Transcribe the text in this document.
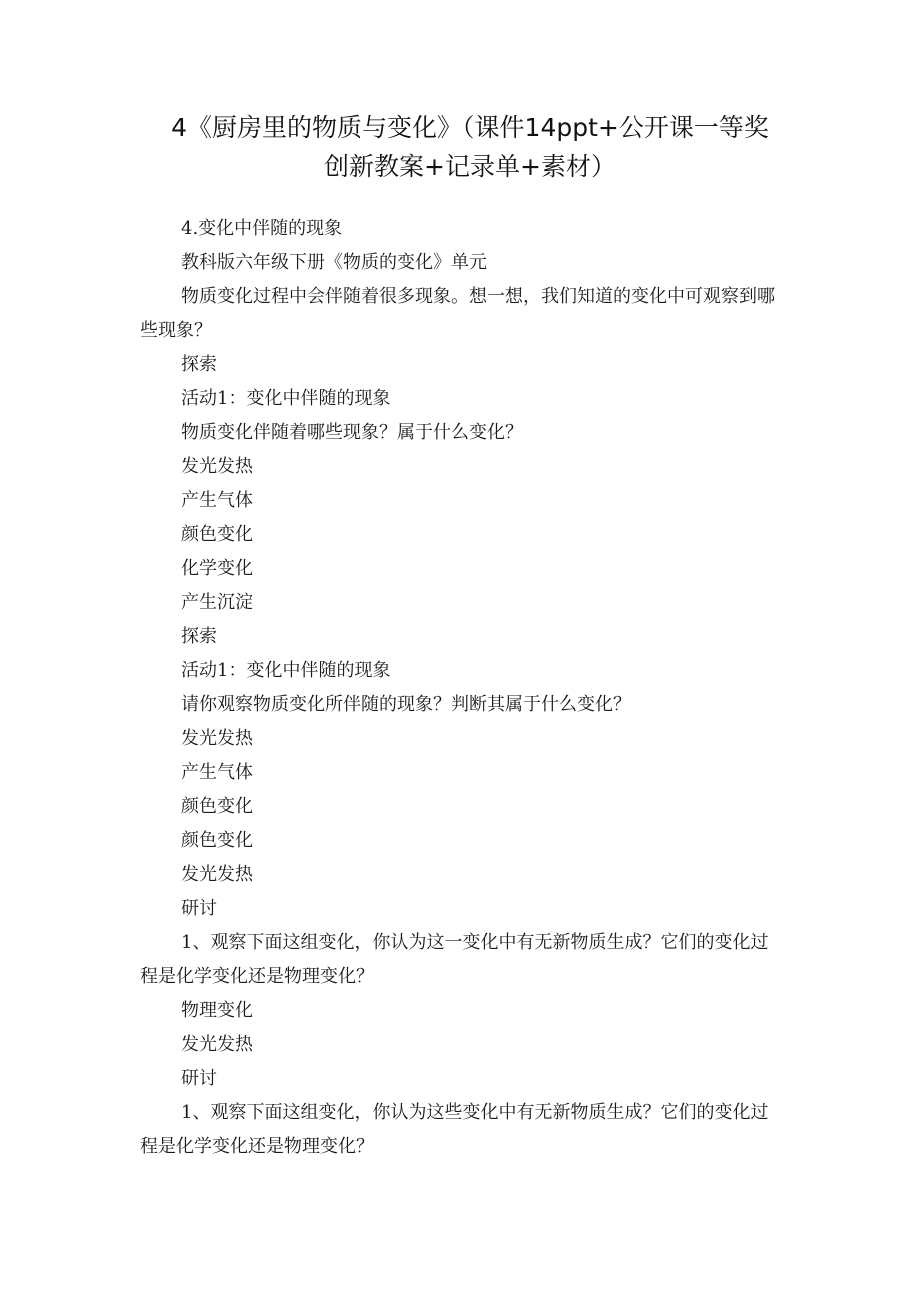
4《厨房里的物质与变化》（课件14ppt+公开课一等奖
创新教案+记录单+素材）

4.变化中伴随的现象

教科版六年级下册《物质的变化》单元

物质变化过程中会伴随着很多现象。想一想，我们知道的变化中可观察到哪些现象？

探索

活动1：变化中伴随的现象

物质变化伴随着哪些现象？属于什么变化？

发光发热

产生气体

颜色变化

化学变化

产生沉淀

探索

活动1：变化中伴随的现象

请你观察物质变化所伴随的现象？判断其属于什么变化？

发光发热

产生气体

颜色变化

颜色变化

发光发热

研讨

1、观察下面这组变化，你认为这一变化中有无新物质生成？它们的变化过程是化学变化还是物理变化？

物理变化

发光发热

研讨

1、观察下面这组变化，你认为这些变化中有无新物质生成？它们的变化过程是化学变化还是物理变化？
